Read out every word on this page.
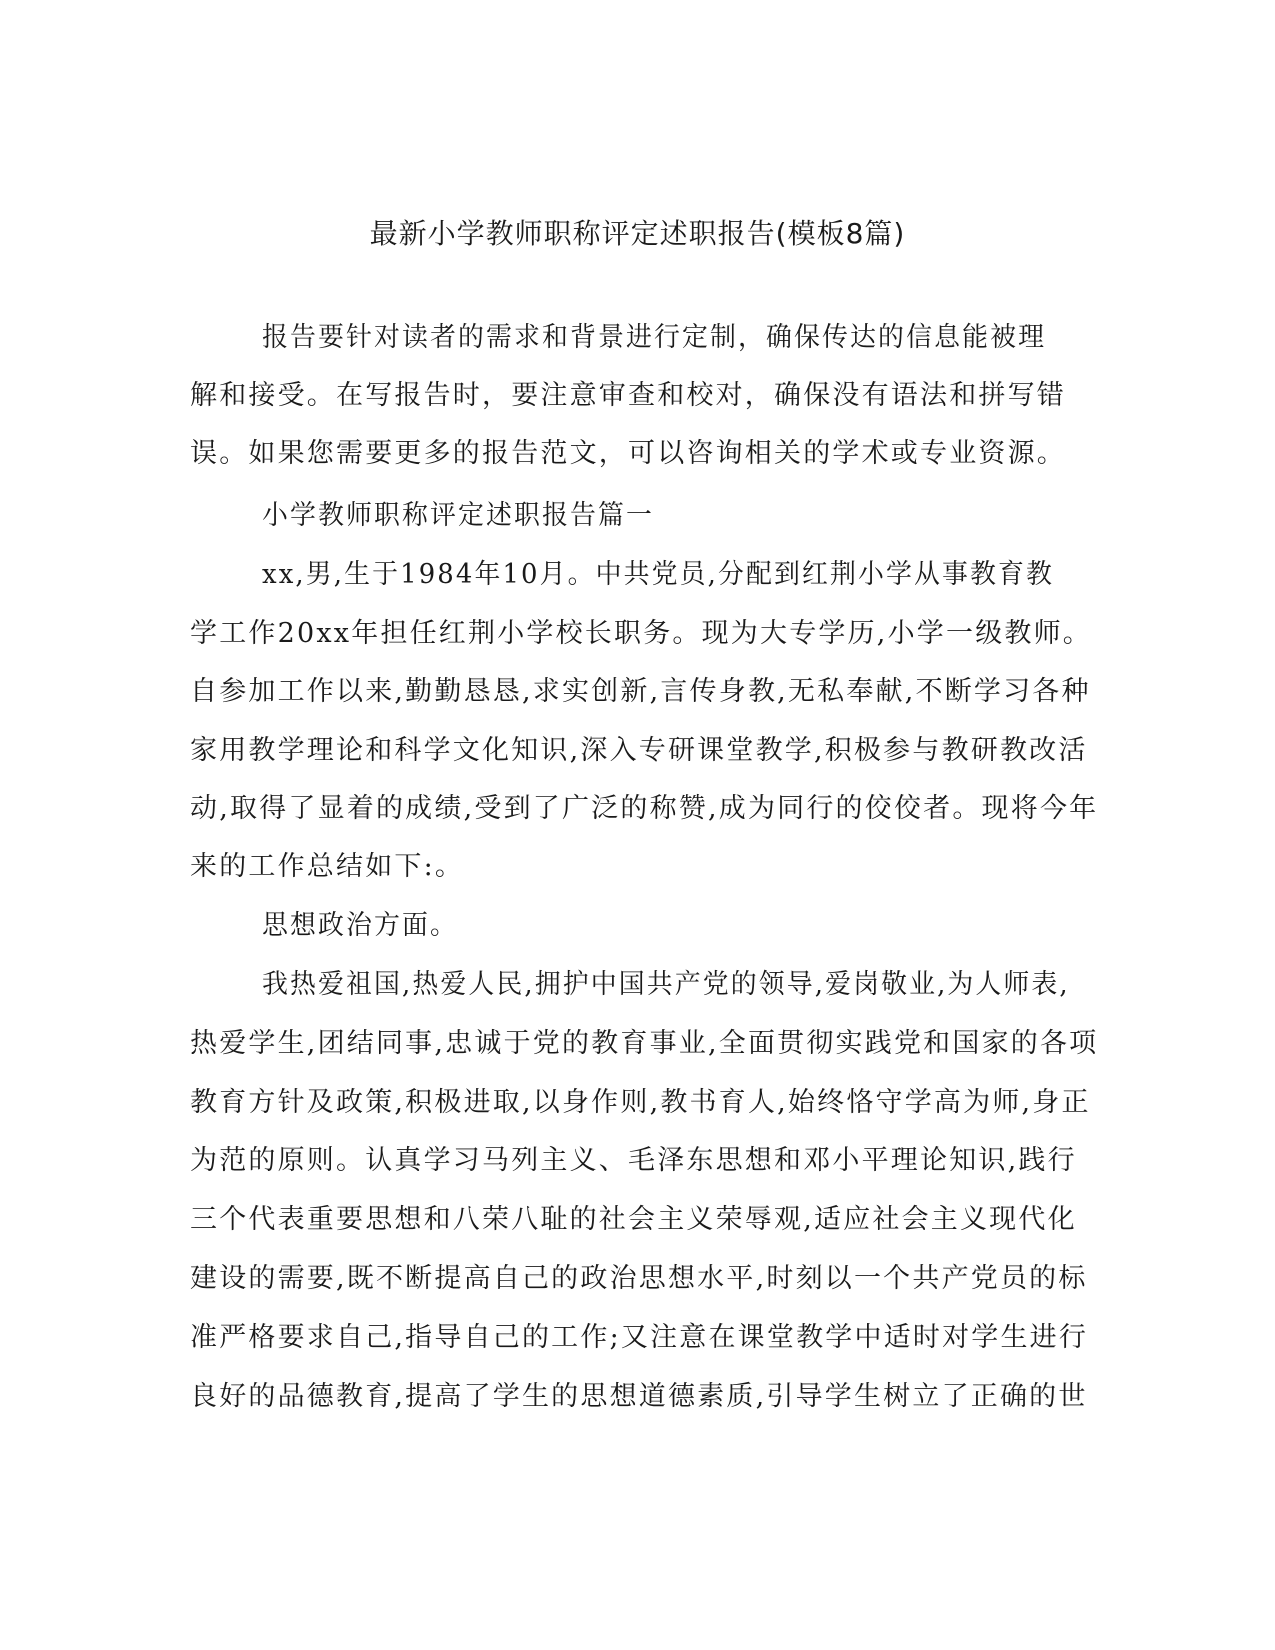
最新小学教师职称评定述职报告(模板8篇)
报告要针对读者的需求和背景进行定制，确保传达的信息能被理
解和接受。在写报告时，要注意审查和校对，确保没有语法和拼写错
误。如果您需要更多的报告范文，可以咨询相关的学术或专业资源。
小学教师职称评定述职报告篇一
xx,男,生于1984年10月。中共党员,分配到红荆小学从事教育教
学工作20xx年担任红荆小学校长职务。现为大专学历,小学一级教师。
自参加工作以来,勤勤恳恳,求实创新,言传身教,无私奉献,不断学习各种
家用教学理论和科学文化知识,深入专研课堂教学,积极参与教研教改活
动,取得了显着的成绩,受到了广泛的称赞,成为同行的佼佼者。现将今年
来的工作总结如下:。
思想政治方面。
我热爱祖国,热爱人民,拥护中国共产党的领导,爱岗敬业,为人师表,
热爱学生,团结同事,忠诚于党的教育事业,全面贯彻实践党和国家的各项
教育方针及政策,积极进取,以身作则,教书育人,始终恪守学高为师,身正
为范的原则。认真学习马列主义、毛泽东思想和邓小平理论知识,践行
三个代表重要思想和八荣八耻的社会主义荣辱观,适应社会主义现代化
建设的需要,既不断提高自己的政治思想水平,时刻以一个共产党员的标
准严格要求自己,指导自己的工作;又注意在课堂教学中适时对学生进行
良好的品德教育,提高了学生的思想道德素质,引导学生树立了正确的世
